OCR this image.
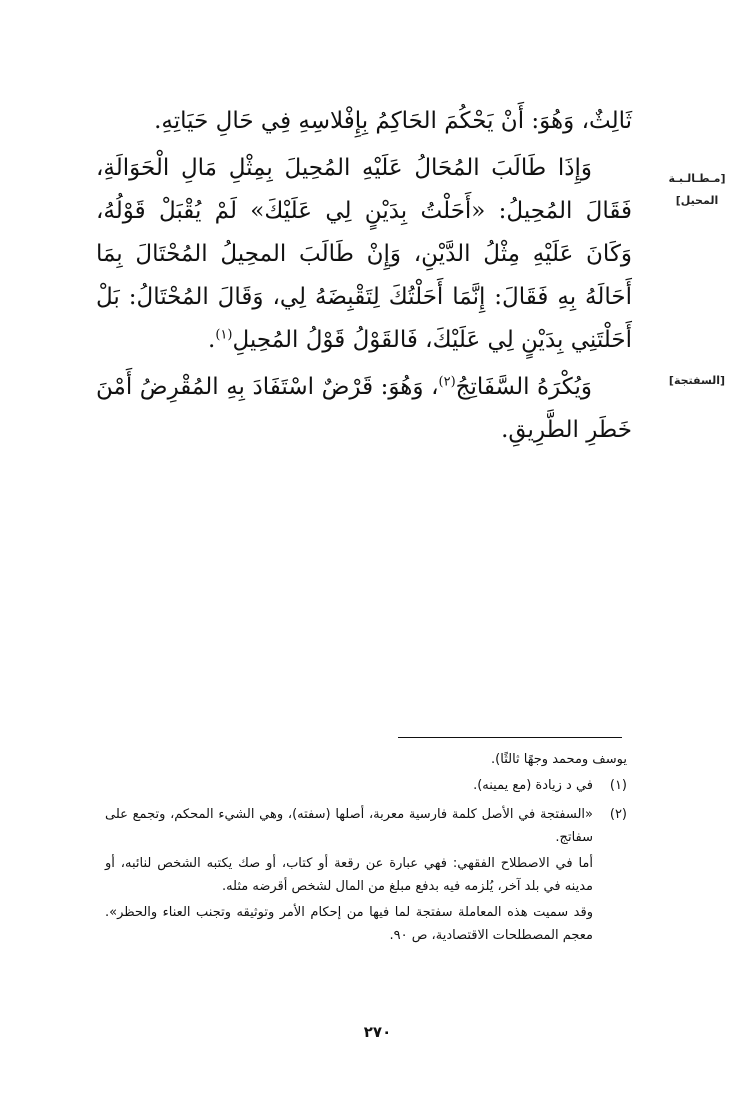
ثَالِثٌ، وَهُوَ: أَنْ يَحْكُمَ الحَاكِمُ بِإِفْلاسِهِ فِي حَالِ حَيَاتِهِ.

وَإِذَا طَالَبَ المُحَالُ عَلَيْهِ المُحِيلَ بِمِثْلِ مَالِ الْحَوَالَةِ، فَقَالَ المُحِيلُ: «أَحَلْتُ بِدَيْنٍ لِي عَلَيْكَ» لَمْ يُقْبَلْ قَوْلُهُ، وَكَانَ عَلَيْهِ مِثْلُ الدَّيْنِ، وَإِنْ طَالَبَ المحِيلُ المُحْتَالَ بِمَا أَحَالَهُ بِهِ فَقَالَ: إِنَّمَا أَحَلْتُكَ لِتَقْبِضَهُ لِي، وَقَالَ المُحْتَالُ: بَلْ أَحَلْتَنِي بِدَيْنٍ لِي عَلَيْكَ، فَالقَوْلُ قَوْلُ المُحِيلِ$^{(١)}$.

وَيُكْرَهُ السَّفَاتِجُ$^{(٢)}$، وَهُوَ: قَرْضٌ اسْتَفَادَ بِهِ المُقْرِضُ أَمْنَ خَطَرِ الطَّرِيقِ.

[مـطـالـبـة
المحيل]
[السفتجة]

يوسف ومحمد وجهًا ثالثًا).

(١)

في د زيادة (مع يمينه).

(٢)

«السفتجة في الأصل كلمة فارسية معربة، أصلها (سفته)، وهي الشيء المحكم، وتجمع على سفاتج.

أما في الاصطلاح الفقهي: فهي عبارة عن رقعة أو كتاب، أو صك يكتبه الشخص لنائبه، أو مدينه في بلد آخر، يُلزمه فيه بدفع مبلغ من المال لشخص أقرضه مثله.

وقد سميت هذه المعاملة سفتجة لما فيها من إحكام الأمر وتوثيقه وتجنب العناء والحظر». معجم المصطلحات الاقتصادية، ص ٩٠.

٢٧٠
